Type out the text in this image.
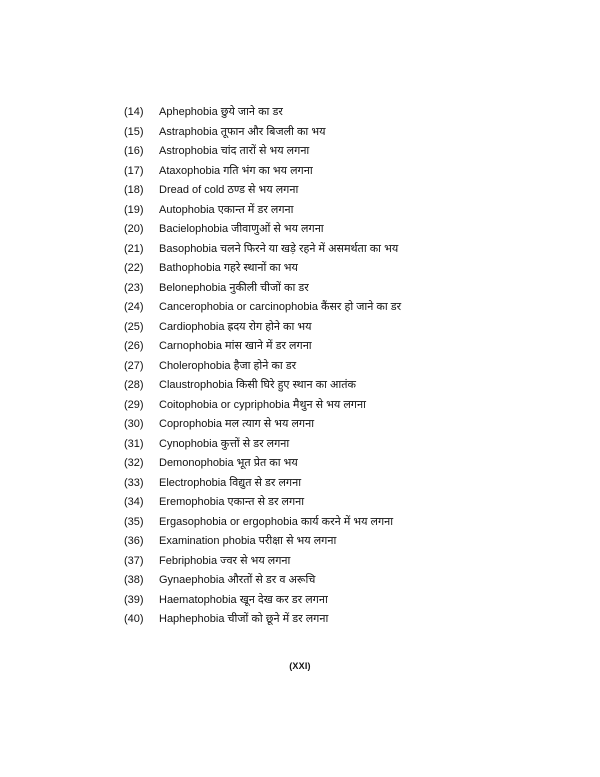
(14)	Aphephobia छुये जाने का डर
(15)	Astraphobia तूफान और बिजली का भय
(16)	Astrophobia चांद तारों से भय लगना
(17)	Ataxophobia गति भंग का भय लगना
(18)	Dread of cold ठण्ड से भय लगना
(19)	Autophobia एकान्त में डर लगना
(20)	Bacielophobia जीवाणुओं से भय लगना
(21)	Basophobia चलने फिरने या खड़े रहने में असमर्थता का भय
(22)	Bathophobia गहरे स्थानों का भय
(23)	Belonephobia नुकीली चीजों का डर
(24)	Cancerophobia or carcinophobia कैंसर हो जाने का डर
(25)	Cardiophobia ह्रदय रोग होने का भय
(26)	Carnophobia मांस खाने में डर लगना
(27)	Cholerophobia हैजा होने का डर
(28)	Claustrophobia किसी घिरे हुए स्थान का आतंक
(29)	Coitophobia or cypriphobia मैथुन से भय लगना
(30)	Coprophobia मल त्याग से भय लगना
(31)	Cynophobia कुत्तों से डर लगना
(32)	Demonophobia भूत प्रेत का भय
(33)	Electrophobia विद्युत से डर लगना
(34)	Eremophobia एकान्त से डर लगना
(35)	Ergasophobia or ergophobia कार्य करने में भय लगना
(36)	Examination phobia परीक्षा से भय लगना
(37)	Febriphobia ज्वर से भय लगना
(38)	Gynaephobia औरतों से डर व अरूचि
(39)	Haematophobia खून देख कर डर लगना
(40)	Haphephobia चीजों को छूने में डर लगना
(XXI)
